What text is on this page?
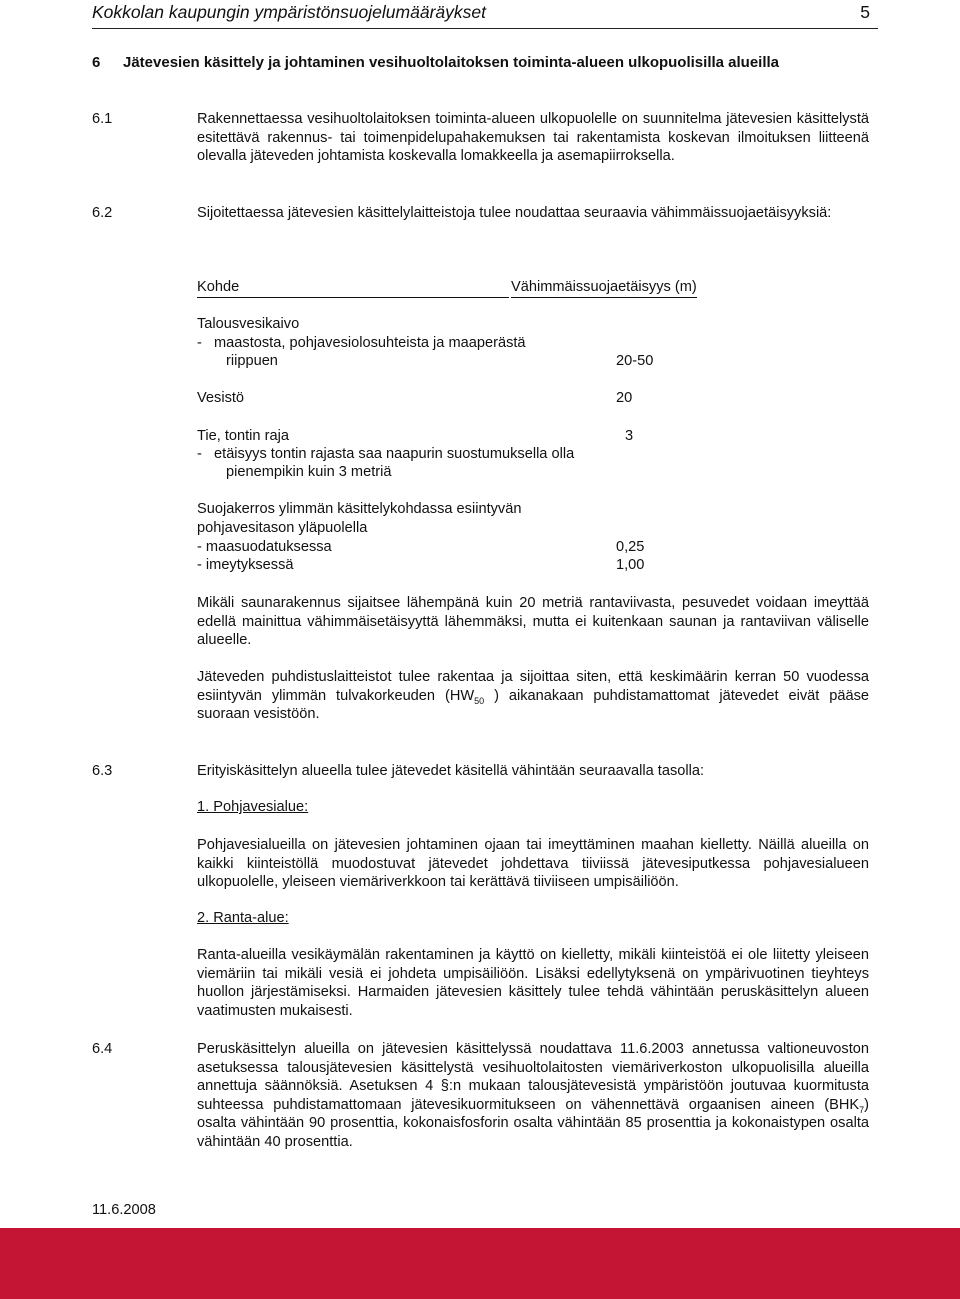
Kokkolan kaupungin ympäristönsuojelumääräykset	5
6 Jätevesien käsittely ja johtaminen vesihuoltolaitoksen toiminta-alueen ulkopuolisilla alueilla
6.1	Rakennettaessa vesihuoltolaitoksen toiminta-alueen ulkopuolelle on suunnitelma jätevesien käsittelystä esitettävä rakennus- tai toimenpidelupahakemuksen tai rakentamista koskevan ilmoituksen liitteenä olevalla jäteveden johtamista koskevalla lomakkeella ja asemapiirroksella.
6.2	Sijoitettaessa jätevesien käsittelylaitteistoja tulee noudattaa seuraavia vähimmäissuojaetäisyyksiä:
Kohde	Vähimmäissuojaetäisyys (m)
Talousvesikaivo
-   maastosta, pohjavesiolosuhteista ja maaperästä
riippuen	20-50
Vesistö	20
Tie, tontin raja	3
-   etäisyys tontin rajasta saa naapurin suostumuksella olla
pienempikin kuin 3 metriä
Suojakerros ylimmän käsittelykohdassa esiintyvän
pohjavesitason yläpuolella
- maasuodatuksessa	0,25
- imeytyksessä	1,00
Mikäli saunarakennus sijaitsee lähempänä kuin 20 metriä rantaviivasta, pesuvedet voidaan imeyttää edellä mainittua vähimmäisetäisyyttä lähemmäksi, mutta ei kuitenkaan saunan ja rantaviivan väliselle alueelle.
Jäteveden puhdistuslaitteistot tulee rakentaa ja sijoittaa siten, että keskimäärin kerran 50 vuodessa esiintyvän ylimmän tulvakorkeuden ($HW_{50}$ ) aikanakaan puhdistamattomat jätevedet eivät pääse suoraan vesistöön.
6.3	Erityiskäsittelyn alueella tulee jätevedet käsitellä vähintään seuraavalla tasolla:
1. Pohjavesialue:
Pohjavesialueilla on jätevesien johtaminen ojaan tai imeyttäminen maahan kielletty. Näillä alueilla on kaikki kiinteistöllä muodostuvat jätevedet johdettava tiiviissä jätevesiputkessa pohjavesialueen ulkopuolelle, yleiseen viemäriverkkoon tai kerättävä tiiviiseen umpisäiliöön.
2. Ranta-alue:
Ranta-alueilla vesikäymälän rakentaminen ja käyttö on kielletty, mikäli kiinteistöä ei ole liitetty yleiseen viemäriin tai mikäli vesiä ei johdeta umpisäiliöön. Lisäksi edellytyksenä on ympärivuotinen tieyhteys huollon järjestämiseksi. Harmaiden jätevesien käsittely tulee tehdä vähintään peruskäsittelyn alueen vaatimusten mukaisesti.
6.4	Peruskäsittelyn alueilla on jätevesien käsittelyssä noudattava 11.6.2003 annetussa valtioneuvoston asetuksessa talousjätevesien käsittelystä vesihuoltolaitosten viemäriverkoston ulkopuolisilla alueilla annettuja säännöksiä. Asetuksen 4 §:n mukaan talousjätevesistä ympäristöön joutuvaa kuormitusta suhteessa puhdistamattomaan jätevesikuormitukseen on vähennettävä orgaanisen aineen $(BHK_7)$ osalta vähintään 90 prosenttia, kokonaisfosforin osalta vähintään 85 prosenttia ja kokonaistypen osalta vähintään 40 prosenttia.
11.6.2008
